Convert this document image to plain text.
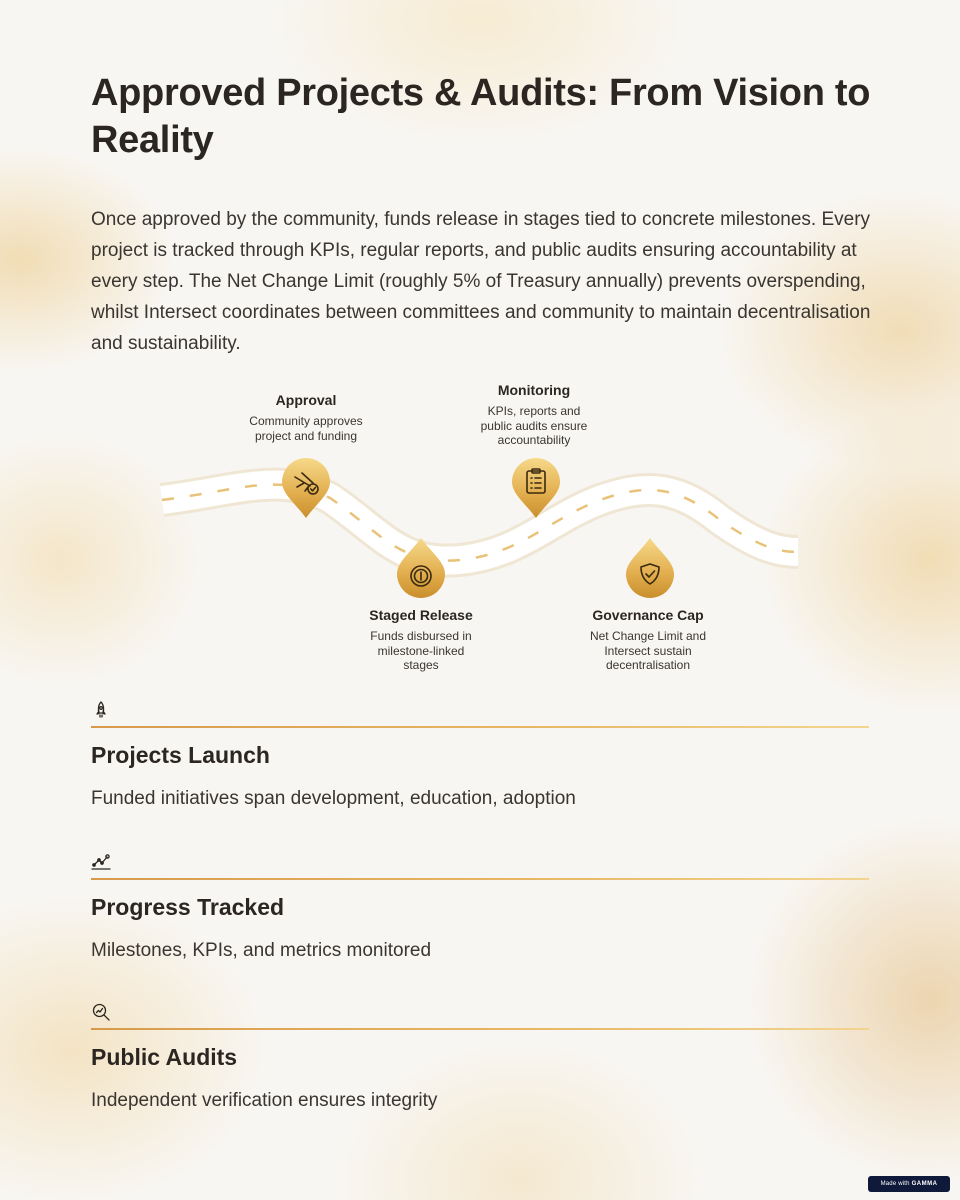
Approved Projects & Audits: From Vision to Reality

Once approved by the community, funds release in stages tied to concrete milestones. Every project is tracked through KPIs, regular reports, and public audits ensuring accountability at every step. The Net Change Limit (roughly 5% of Treasury annually) prevents overspending, whilst Intersect coordinates between committees and community to maintain decentralisation and sustainability.

Approval
Community approves project and funding
Staged Release
Funds disbursed in milestone-linked stages
Monitoring
KPIs, reports and public audits ensure accountability
Governance Cap
Net Change Limit and Intersect sustain decentralisation
Projects Launch
Funded initiatives span development, education, adoption
Progress Tracked
Milestones, KPIs, and metrics monitored
Public Audits
Independent verification ensures integrity
Made with GAMMA
